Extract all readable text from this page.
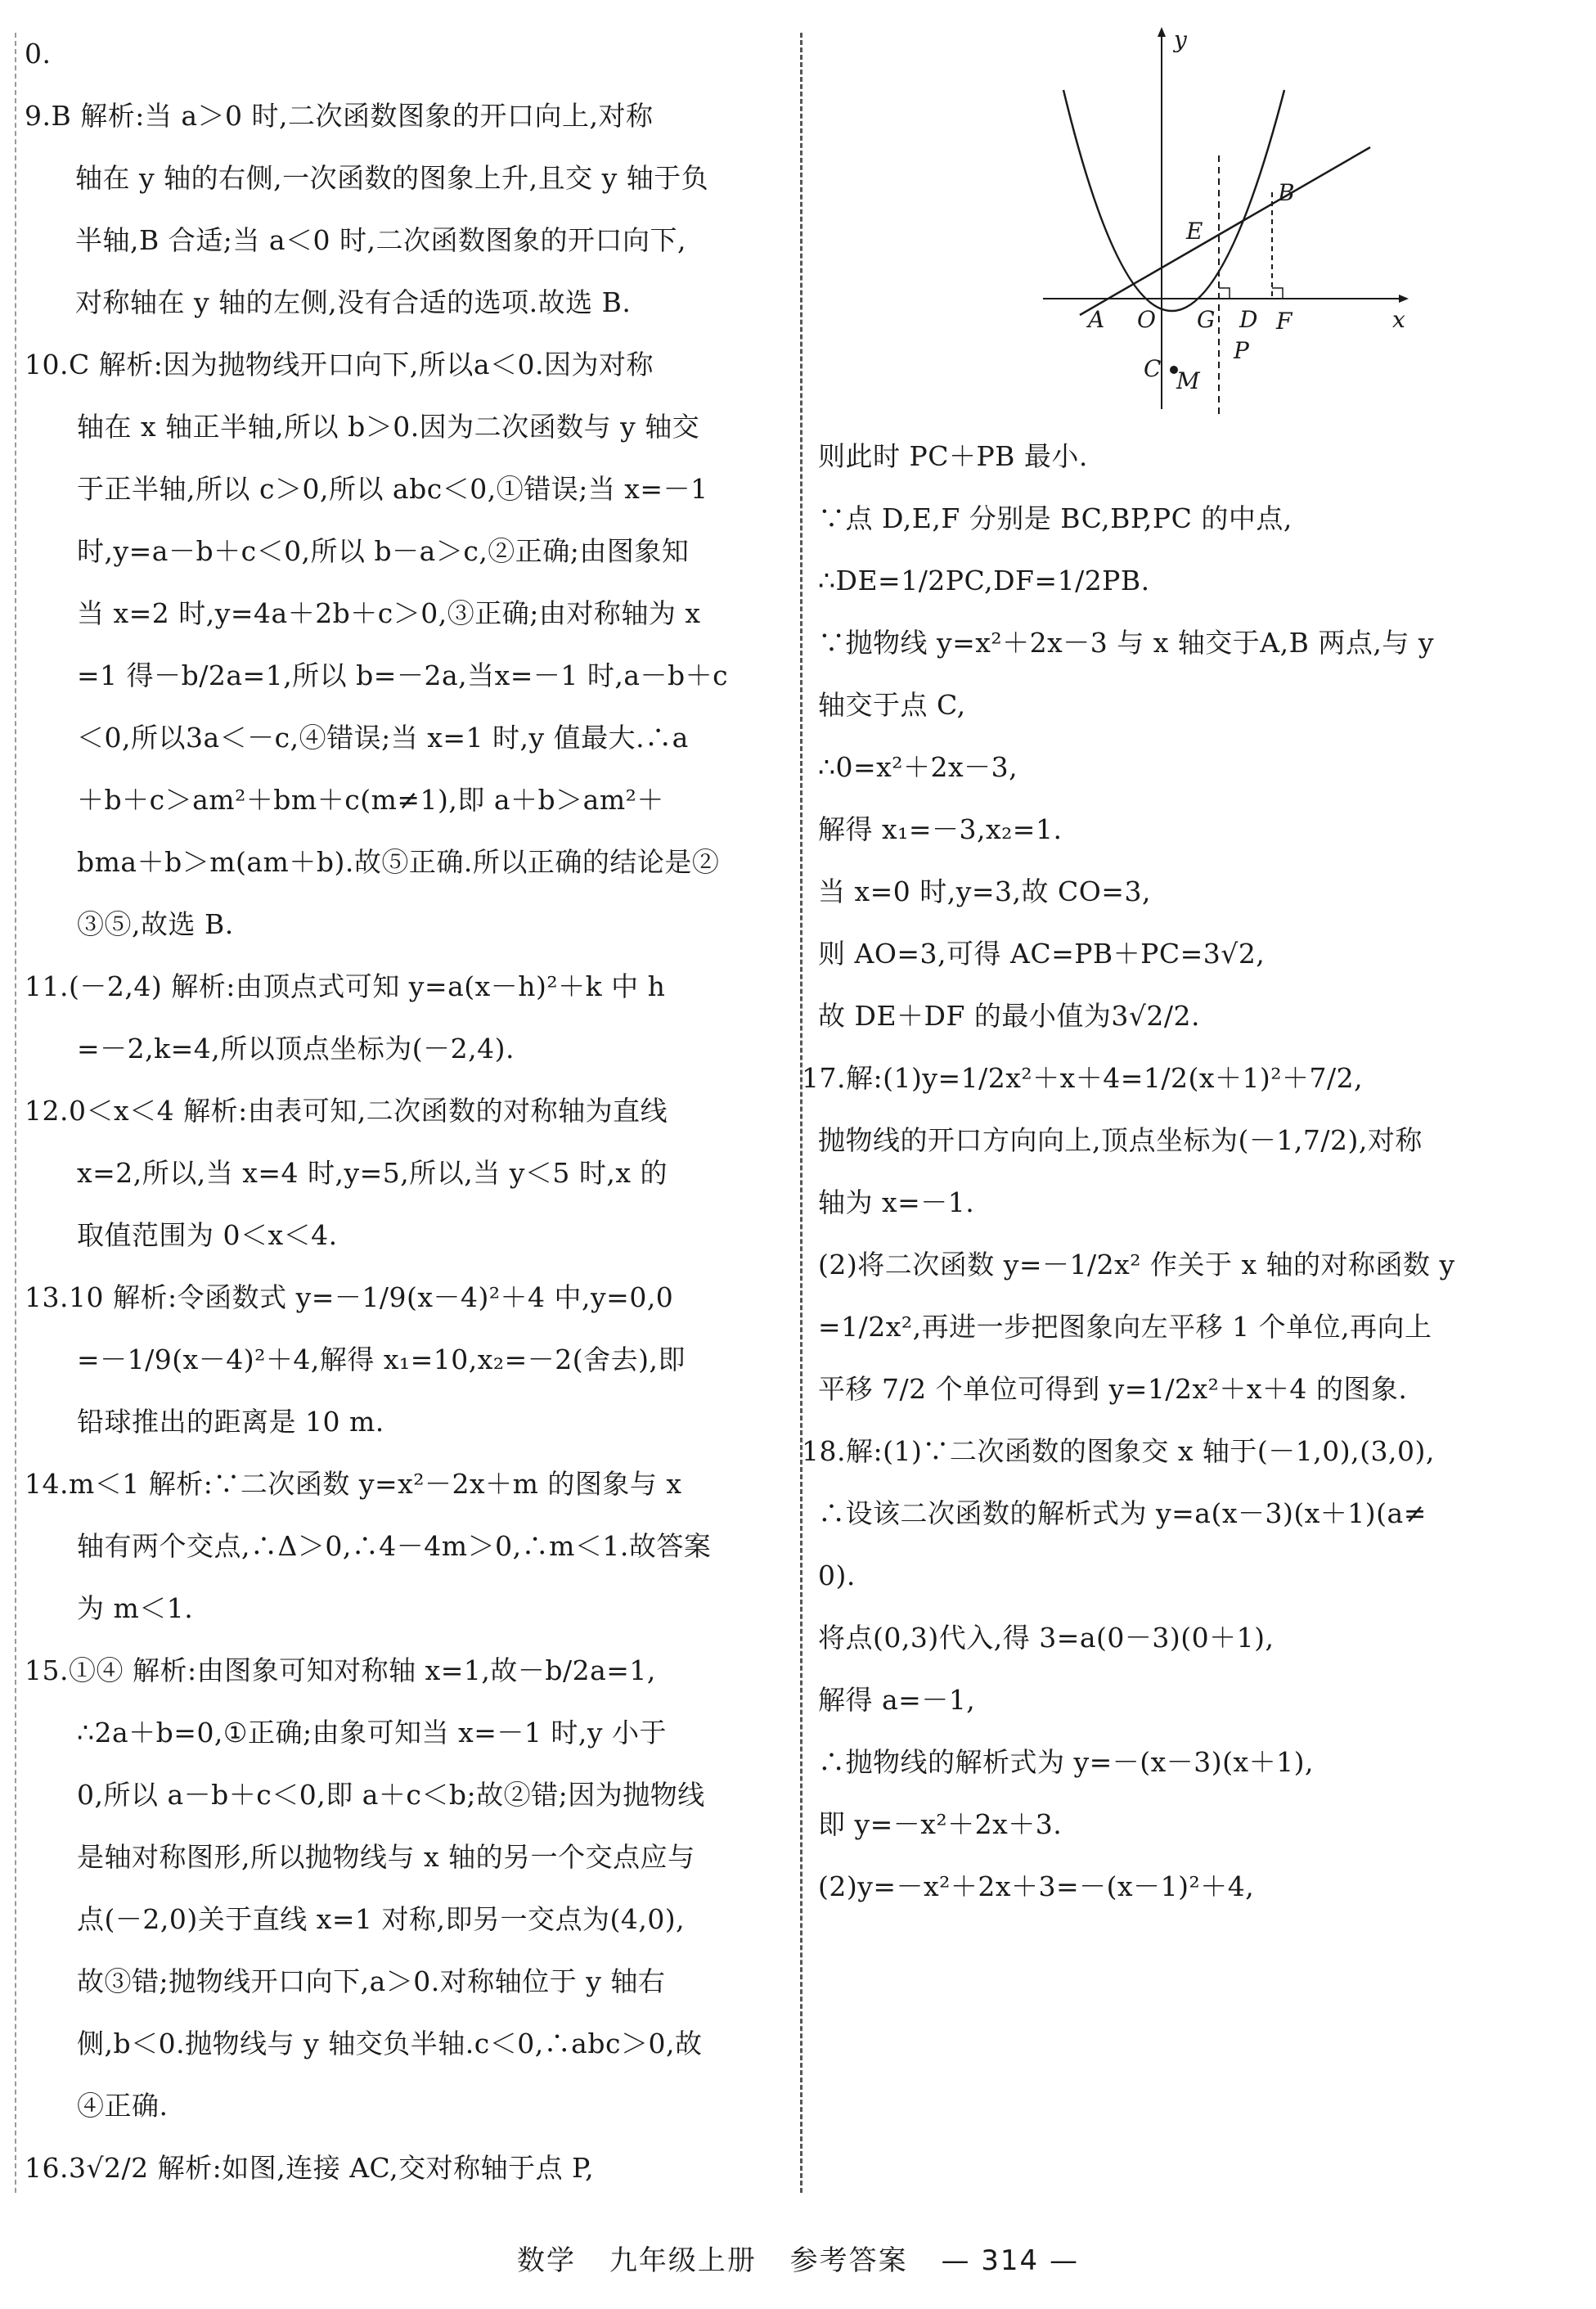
0.
9.B 解析:当 a＞0 时,二次函数图象的开口向上,对称
轴在 y 轴的右侧,一次函数的图象上升,且交 y 轴于负
半轴,B 合适;当 a＜0 时,二次函数图象的开口向下,
对称轴在 y 轴的左侧,没有合适的选项.故选 B.
10.C 解析:因为抛物线开口向下,所以a＜0.因为对称
轴在 x 轴正半轴,所以 b＞0.因为二次函数与 y 轴交
于正半轴,所以 c＞0,所以 abc＜0,①错误;当 x=－1
时,y=a－b＋c＜0,所以 b－a＞c,②正确;由图象知
当 x=2 时,y=4a＋2b＋c＞0,③正确;由对称轴为 x
=1 得－b/2a=1,所以 b=－2a,当x=－1 时,a－b＋c
＜0,所以3a＜－c,④错误;当 x=1 时,y 值最大.∴a
＋b＋c＞am²＋bm＋c(m≠1),即 a＋b＞am²＋
bma＋b＞m(am＋b).故⑤正确.所以正确的结论是②
③⑤,故选 B.
11.(－2,4) 解析:由顶点式可知 y=a(x－h)²＋k 中 h
=－2,k=4,所以顶点坐标为(－2,4).
12.0＜x＜4 解析:由表可知,二次函数的对称轴为直线
x=2,所以,当 x=4 时,y=5,所以,当 y＜5 时,x 的
取值范围为 0＜x＜4.
13.10 解析:令函数式 y=－1/9(x－4)²＋4 中,y=0,0
=－1/9(x－4)²＋4,解得 x₁=10,x₂=－2(舍去),即
铅球推出的距离是 10 m.
14.m＜1 解析:∵二次函数 y=x²－2x＋m 的图象与 x
轴有两个交点,∴Δ＞0,∴4－4m＞0,∴m＜1.故答案
为 m＜1.
15.①④ 解析:由图象可知对称轴 x=1,故－b/2a=1,
∴2a＋b=0,①正确;由象可知当 x=－1 时,y 小于
0,所以 a－b＋c＜0,即 a＋c＜b;故②错;因为抛物线
是轴对称图形,所以抛物线与 x 轴的另一个交点应与
点(－2,0)关于直线 x=1 对称,即另一交点为(4,0),
故③错;抛物线开口向下,a＞0.对称轴位于 y 轴右
侧,b＜0.抛物线与 y 轴交负半轴.c＜0,∴abc＞0,故
④正确.
16.3√2/2 解析:如图,连接 AC,交对称轴于点 P,
y
x
A O G D F
B
E
P
C M
则此时 PC＋PB 最小.
∵点 D,E,F 分别是 BC,BP,PC 的中点,
∴DE=1/2PC,DF=1/2PB.
∵抛物线 y=x²＋2x－3 与 x 轴交于A,B 两点,与 y
轴交于点 C,
∴0=x²＋2x－3,
解得 x₁=－3,x₂=1.
当 x=0 时,y=3,故 CO=3,
则 AO=3,可得 AC=PB＋PC=3√2,
故 DE＋DF 的最小值为3√2/2.
17.解:(1)y=1/2x²＋x＋4=1/2(x＋1)²＋7/2,
抛物线的开口方向向上,顶点坐标为(－1,7/2),对称
轴为 x=－1.
(2)将二次函数 y=－1/2x² 作关于 x 轴的对称函数 y
=1/2x²,再进一步把图象向左平移 1 个单位,再向上
平移 7/2 个单位可得到 y=1/2x²＋x＋4 的图象.
18.解:(1)∵二次函数的图象交 x 轴于(－1,0),(3,0),
∴设该二次函数的解析式为 y=a(x－3)(x＋1)(a≠
0).
将点(0,3)代入,得 3=a(0－3)(0＋1),
解得 a=－1,
∴抛物线的解析式为 y=－(x－3)(x＋1),
即 y=－x²＋2x＋3.
(2)y=－x²＋2x＋3=－(x－1)²＋4,
数学 九年级上册 参考答案 — 314 —
